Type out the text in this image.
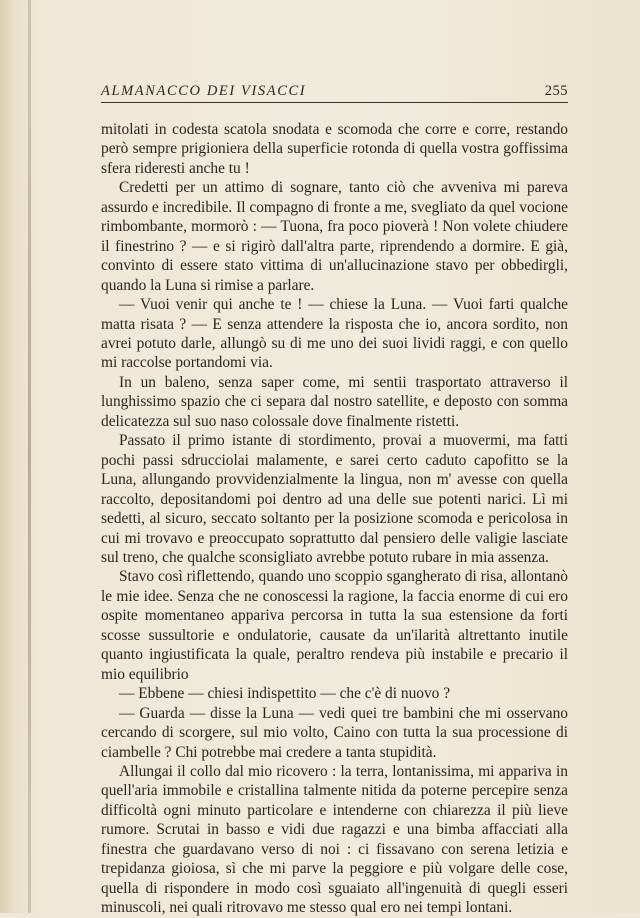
ALMANACCO DEI VISACCI	255

mitolati in codesta scatola snodata e scomoda che corre e corre, restando però sempre prigioniera della superficie rotonda di quella vostra goffissima sfera rideresti anche tu !

Credetti per un attimo di sognare, tanto ciò che avveniva mi pareva assurdo e incredibile. Il compagno di fronte a me, svegliato da quel vocione rimbombante, mormorò : — Tuona, fra poco pioverà ! Non volete chiudere il finestrino ? — e si rigirò dall'altra parte, riprendendo a dormire. E già, convinto di essere stato vittima di un'allucinazione stavo per obbedirgli, quando la Luna si rimise a parlare.

— Vuoi venir qui anche te ! — chiese la Luna. — Vuoi farti qualche matta risata ? — E senza attendere la risposta che io, ancora sordito, non avrei potuto darle, allungò su di me uno dei suoi lividi raggi, e con quello mi raccolse portandomi via.

In un baleno, senza saper come, mi sentii trasportato attraverso il lunghissimo spazio che ci separa dal nostro satellite, e deposto con somma delicatezza sul suo naso colossale dove finalmente ristetti.

Passato il primo istante di stordimento, provai a muovermi, ma fatti pochi passi sdrucciolai malamente, e sarei certo caduto capofitto se la Luna, allungando provvidenzialmente la lingua, non m' avesse con quella raccolto, depositandomi poi dentro ad una delle sue potenti narici. Lì mi sedetti, al sicuro, seccato soltanto per la posizione scomoda e pericolosa in cui mi trovavo e preoccupato soprattutto dal pensiero delle valigie lasciate sul treno, che qualche sconsigliato avrebbe potuto rubare in mia assenza.

Stavo così riflettendo, quando uno scoppio sgangherato di risa, allontanò le mie idee. Senza che ne conoscessi la ragione, la faccia enorme di cui ero ospite momentaneo appariva percorsa in tutta la sua estensione da forti scosse sussultorie e ondulatorie, causate da un'ilarità altrettanto inutile quanto ingiustificata la quale, peraltro rendeva più instabile e precario il mio equilibrio

— Ebbene — chiesi indispettito — che c'è di nuovo ?

— Guarda — disse la Luna — vedi quei tre bambini che mi osservano cercando di scorgere, sul mio volto, Caino con tutta la sua processione di ciambelle ? Chi potrebbe mai credere a tanta stupidità.

Allungai il collo dal mio ricovero : la terra, lontanissima, mi appariva in quell'aria immobile e cristallina talmente nitida da poterne percepire senza difficoltà ogni minuto particolare e intenderne con chiarezza il più lieve rumore. Scrutai in basso e vidi due ragazzi e una bimba affacciati alla finestra che guardavano verso di noi : ci fissavano con serena letizia e trepidanza gioiosa, sì che mi parve la peggiore e più volgare delle cose, quella di rispondere in modo così sguaiato all'ingenuità di quegli esseri minuscoli, nei quali ritrovavo me stesso qual ero nei tempi lontani.
